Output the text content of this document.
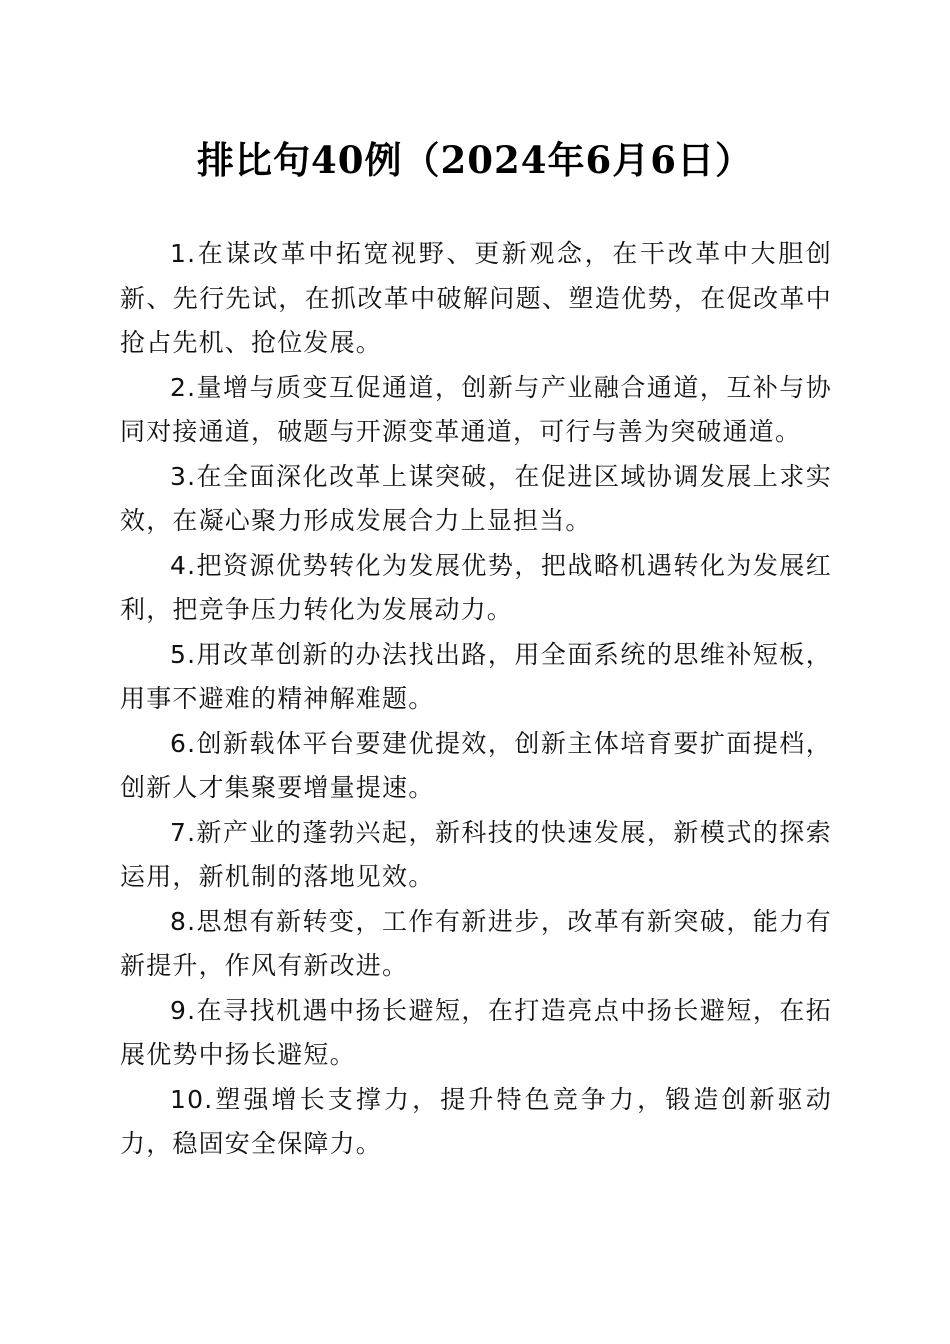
排比句40例（2024年6月6日）

1.在谋改革中拓宽视野、更新观念，在干改革中大胆创新、先行先试，在抓改革中破解问题、塑造优势，在促改革中抢占先机、抢位发展。

2.量增与质变互促通道，创新与产业融合通道，互补与协同对接通道，破题与开源变革通道，可行与善为突破通道。

3.在全面深化改革上谋突破，在促进区域协调发展上求实效，在凝心聚力形成发展合力上显担当。

4.把资源优势转化为发展优势，把战略机遇转化为发展红利，把竞争压力转化为发展动力。

5.用改革创新的办法找出路，用全面系统的思维补短板，用事不避难的精神解难题。

6.创新载体平台要建优提效，创新主体培育要扩面提档，创新人才集聚要增量提速。

7.新产业的蓬勃兴起，新科技的快速发展，新模式的探索运用，新机制的落地见效。

8.思想有新转变，工作有新进步，改革有新突破，能力有新提升，作风有新改进。

9.在寻找机遇中扬长避短，在打造亮点中扬长避短，在拓展优势中扬长避短。

10.塑强增长支撑力，提升特色竞争力，锻造创新驱动力，稳固安全保障力。
